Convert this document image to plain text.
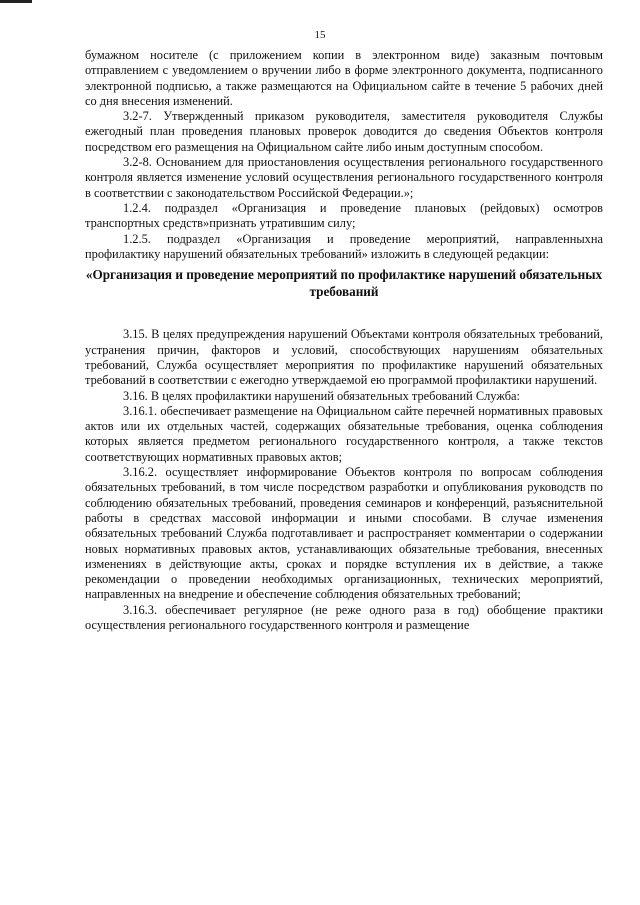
15

бумажном носителе (с приложением копии в электронном виде) заказным почтовым отправлением с уведомлением о вручении либо в форме электронного документа, подписанного электронной подписью, а также размещаются на Официальном сайте в течение 5 рабочих дней со дня внесения изменений.

3.2-7. Утвержденный приказом руководителя, заместителя руководителя Службы ежегодный план проведения плановых проверок доводится до сведения Объектов контроля посредством его размещения на Официальном сайте либо иным доступным способом.

3.2-8. Основанием для приостановления осуществления регионального государственного контроля является изменение условий осуществления регионального государственного контроля в соответствии с законодательством Российской Федерации.»;

1.2.4. подраздел «Организация и проведение плановых (рейдовых) осмотров транспортных средств»признать утратившим силу;

1.2.5. подраздел «Организация и проведение мероприятий, направленныхна профилактику нарушений обязательных требований» изложить в следующей редакции:

«Организация и проведение мероприятий по профилактике нарушений обязательных требований

3.15. В целях предупреждения нарушений Объектами контроля обязательных требований, устранения причин, факторов и условий, способствующих нарушениям обязательных требований, Служба осуществляет мероприятия по профилактике нарушений обязательных требований в соответствии с ежегодно утверждаемой ею программой профилактики нарушений.

3.16. В целях профилактики нарушений обязательных требований Служба:

3.16.1. обеспечивает размещение на Официальном сайте перечней нормативных правовых актов или их отдельных частей, содержащих обязательные требования, оценка соблюдения которых является предметом регионального государственного контроля, а также текстов соответствующих нормативных правовых актов;

3.16.2. осуществляет информирование Объектов контроля по вопросам соблюдения обязательных требований, в том числе посредством разработки и опубликования руководств по соблюдению обязательных требований, проведения семинаров и конференций, разъяснительной работы в средствах массовой информации и иными способами. В случае изменения обязательных требований Служба подготавливает и распространяет комментарии о содержании новых нормативных правовых актов, устанавливающих обязательные требования, внесенных изменениях в действующие акты, сроках и порядке вступления их в действие, а также рекомендации о проведении необходимых организационных, технических мероприятий, направленных на внедрение и обеспечение соблюдения обязательных требований;

3.16.3. обеспечивает регулярное (не реже одного раза в год) обобщение практики осуществления регионального государственного контроля и размещение
